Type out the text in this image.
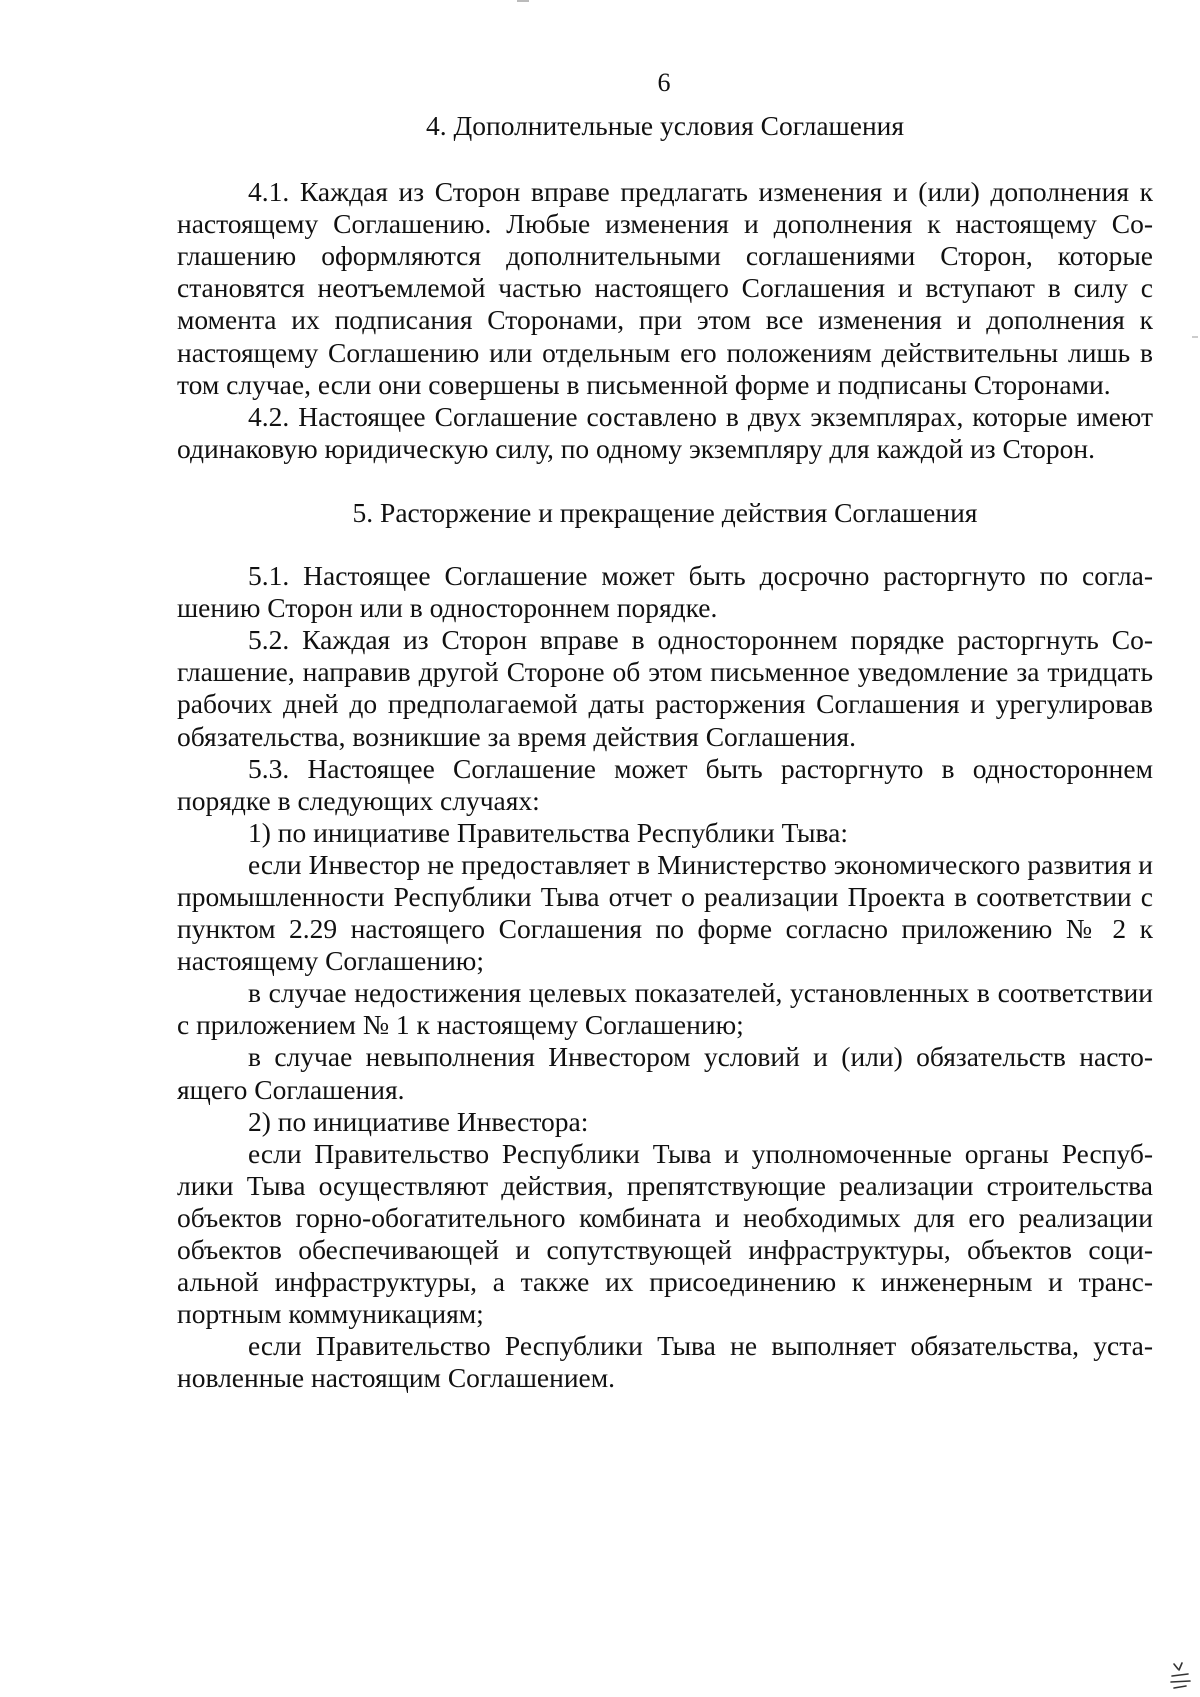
6
4. Дополнительные условия Соглашения

4.1. Каждая из Сторон вправе предлагать изменения и (или) дополнения к настоящему Соглашению. Любые изменения и дополнения к настоящему Соглашению оформляются дополнительными соглашениями Сторон, которые становятся неотъемлемой частью настоящего Соглашения и вступают в силу с момента их подписания Сторонами, при этом все изменения и дополнения к настоящему Соглашению или отдельным его положениям действительны лишь в том случае, если они совершены в письменной форме и подписаны Сторонами.

4.2. Настоящее Соглашение составлено в двух экземплярах, которые имеют одинаковую юридическую силу, по одному экземпляру для каждой из Сторон.

5. Расторжение и прекращение действия Соглашения

5.1. Настоящее Соглашение может быть досрочно расторгнуто по соглашению Сторон или в одностороннем порядке.

5.2. Каждая из Сторон вправе в одностороннем порядке расторгнуть Соглашение, направив другой Стороне об этом письменное уведомление за тридцать рабочих дней до предполагаемой даты расторжения Соглашения и урегулировав обязательства, возникшие за время действия Соглашения.

5.3. Настоящее Соглашение может быть расторгнуто в одностороннем порядке в следующих случаях:

1) по инициативе Правительства Республики Тыва:

если Инвестор не предоставляет в Министерство экономического развития и промышленности Республики Тыва отчет о реализации Проекта в соответствии с пунктом 2.29 настоящего Соглашения по форме согласно приложению № 2 к настоящему Соглашению;

в случае недостижения целевых показателей, установленных в соответствии с приложением № 1 к настоящему Соглашению;

в случае невыполнения Инвестором условий и (или) обязательств настоящего Соглашения.

2) по инициативе Инвестора:

если Правительство Республики Тыва и уполномоченные органы Республики Тыва осуществляют действия, препятствующие реализации строительства объектов горно-обогатительного комбината и необходимых для его реализации объектов обеспечивающей и сопутствующей инфраструктуры, объектов социальной инфраструктуры, а также их присоединению к инженерным и транспортным коммуникациям;

если Правительство Республики Тыва не выполняет обязательства, установленные настоящим Соглашением.
